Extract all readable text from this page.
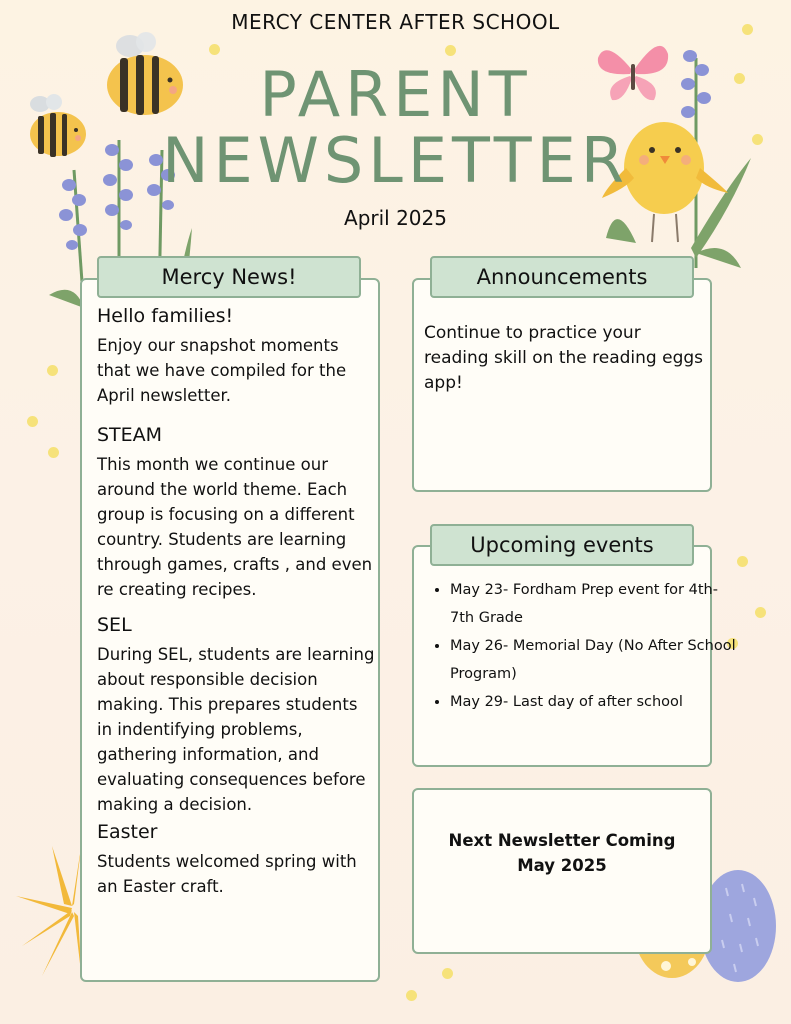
MERCY CENTER AFTER SCHOOL
PARENT
NEWSLETTER
April 2025
Mercy News!
Hello families!

Enjoy our snapshot moments that we have compiled for the April newsletter.

STEAM

This month we continue our around the world theme. Each group is focusing on a different country. Students are learning through games, crafts , and even re creating recipes.

SEL

During SEL, students are learning about responsible decision making. This prepares students in indentifying problems, gathering information, and evaluating consequences before making a decision.

Easter

Students welcomed spring with an Easter craft.

Announcements
Continue to practice your reading skill on the reading eggs app!
Upcoming events
• May 23- Fordham Prep event for 4th-7th Grade
• May 26- Memorial Day (No After School Program)
• May 29- Last day of after school
Next Newsletter Coming
May 2025
